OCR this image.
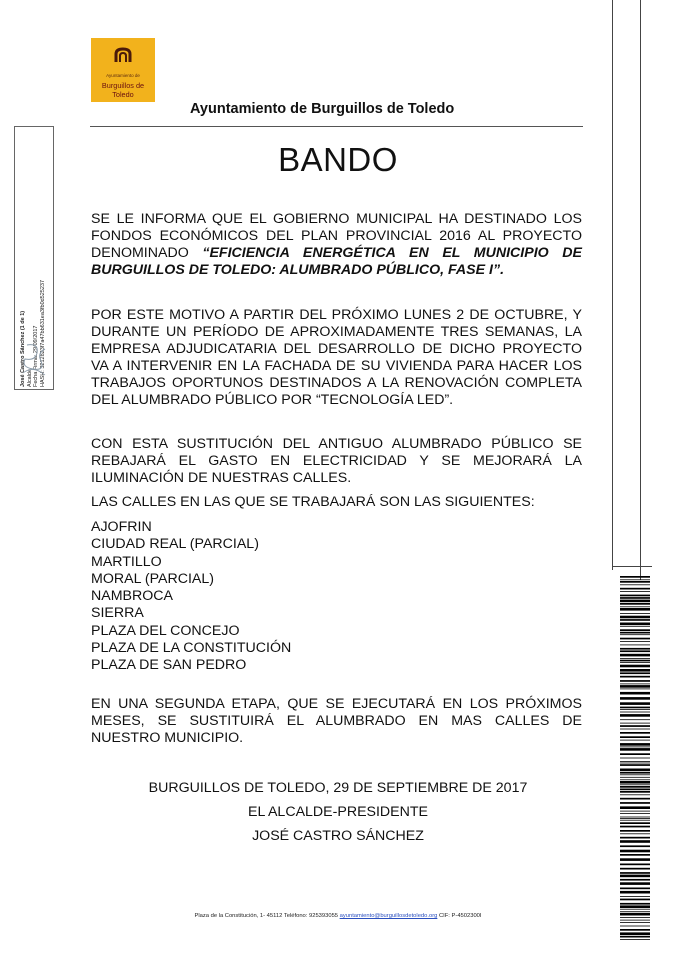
Ayuntamiento de
Burguillos de Toledo
Ayuntamiento de Burguillos de Toledo
BANDO
SE LE INFORMA QUE EL GOBIERNO MUNICIPAL HA DESTINADO LOS FONDOS ECONÓMICOS DEL PLAN PROVINCIAL 2016 AL PROYECTO DENOMINADO “EFICIENCIA ENERGÉTICA EN EL MUNICIPIO DE BURGUILLOS DE TOLEDO: ALUMBRADO PÚBLICO, FASE I”.
POR ESTE MOTIVO A PARTIR DEL PRÓXIMO LUNES 2 DE OCTUBRE, Y DURANTE UN PERÍODO DE APROXIMADAMENTE TRES SEMANAS, LA EMPRESA ADJUDICATARIA DEL DESARROLLO DE DICHO PROYECTO VA A INTERVENIR EN LA FACHADA DE SU VIVIENDA PARA HACER LOS TRABAJOS OPORTUNOS DESTINADOS A LA RENOVACIÓN COMPLETA DEL ALUMBRADO PÚBLICO POR “TECNOLOGÍA LED”.
CON ESTA SUSTITUCIÓN DEL ANTIGUO ALUMBRADO PÚBLICO SE REBAJARÁ EL GASTO EN ELECTRICIDAD Y SE MEJORARÁ LA ILUMINACIÓN DE NUESTRAS CALLES.
LAS CALLES EN LAS QUE SE TRABAJARÁ SON LAS SIGUIENTES:
AJOFRIN
CIUDAD REAL (PARCIAL)
MARTILLO
MORAL (PARCIAL)
NAMBROCA
SIERRA
PLAZA DEL CONCEJO
PLAZA DE LA CONSTITUCIÓN
PLAZA DE SAN PEDRO
EN UNA SEGUNDA ETAPA, QUE SE EJECUTARÁ EN LOS PRÓXIMOS MESES, SE SUSTITUIRÁ EL ALUMBRADO EN MAS CALLES DE NUESTRO MUNICIPIO.
BURGUILLOS DE TOLEDO, 29 DE SEPTIEMBRE DE 2017
EL ALCALDE-PRESIDENTE
JOSÉ CASTRO SÁNCHEZ
Plaza de la Constitución, 1- 45112 Teléfono: 925393055 ayuntamiento@burguillosdetoledo.org CIF: P-4502300I
José Castro Sánchez (1 de 1) Alcalde Fecha Firma: 29/09/2017 HASH: 3212823f7a47bb631ea3fb0d525237
